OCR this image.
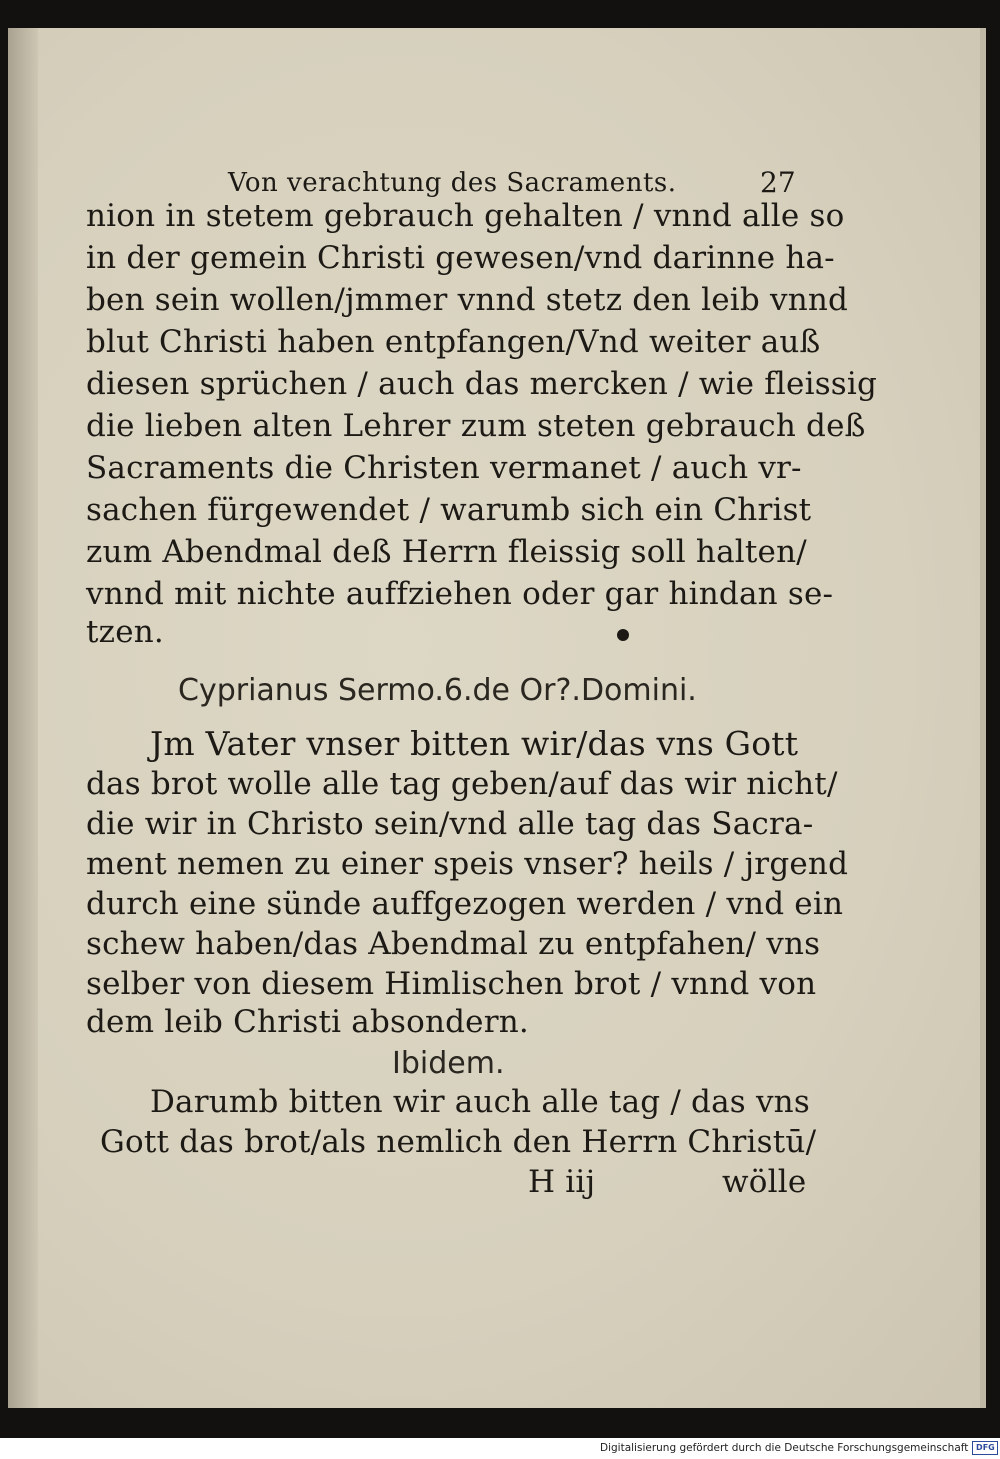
Von verachtung des Sacraments.	27
nion in stetem gebrauch gehalten / vnnd alle so
in der gemein Christi gewesen/vnd darinne ha-
ben sein wollen/jmmer vnnd stetz den leib vnnd
blut Christi haben entpfangen/Vnd weiter auß
diesen sprüchen / auch das mercken / wie fleissig
die lieben alten Lehrer zum steten gebrauch deß
Sacraments die Christen vermanet / auch vr-
sachen fürgewendet / warumb sich ein Christ
zum Abendmal deß Herrn fleissig soll halten/
vnnd mit nichte auffziehen oder gar hindan se-
tzen.
Cyprianus Sermo.6.de Or?.Domini.
Jm Vater vnser bitten wir/das vns Gott
das brot wolle alle tag geben/auf das wir nicht/
die wir in Christo sein/vnd alle tag das Sacra-
ment nemen zu einer speis vnser? heils / jrgend
durch eine sünde auffgezogen werden / vnd ein
schew haben/das Abendmal zu entpfahen/ vns
selber von diesem Himlischen brot / vnnd von
dem leib Christi absondern.
Ibidem.
Darumb bitten wir auch alle tag / das vns
Gott das brot/als nemlich den Herrn Christū/
H iij	wölle
Digitalisierung gefördert durch die Deutsche Forschungsgemeinschaft DFG
